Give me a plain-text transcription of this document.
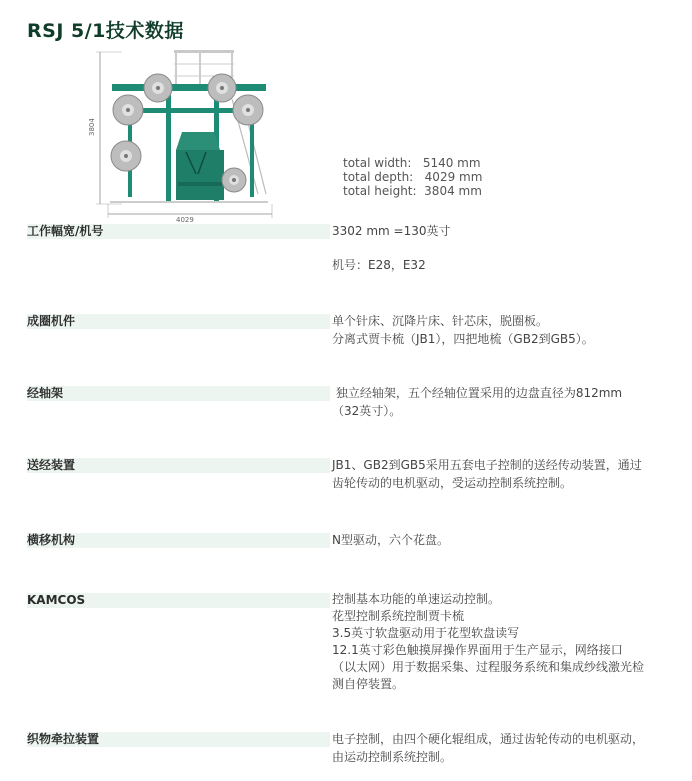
RSJ 5/1技术数据
3804
4029
total width:   5140 mm
total depth:   4029 mm
total height:  3804 mm
工作幅宽/机号	3302 mm =130英寸

机号：E28，E32

成圈机件	单个针床、沉降片床、针芯床，脱圈板。

分离式贾卡梳（JB1），四把地梳（GB2到GB5）。

经轴架	独立经轴架，五个经轴位置采用的边盘直径为812mm

（32英寸）。

送经装置	JB1、GB2到GB5采用五套电子控制的送经传动装置，通过

齿轮传动的电机驱动，受运动控制系统控制。

横移机构	N型驱动，六个花盘。

KAMCOS	控制基本功能的单速运动控制。

花型控制系统控制贾卡梳

3.5英寸软盘驱动用于花型软盘读写

12.1英寸彩色触摸屏操作界面用于生产显示，网络接口

（以太网）用于数据采集、过程服务系统和集成纱线激光检

测自停装置。

织物牵拉装置	电子控制，由四个硬化辊组成，通过齿轮传动的电机驱动，

由运动控制系统控制。
